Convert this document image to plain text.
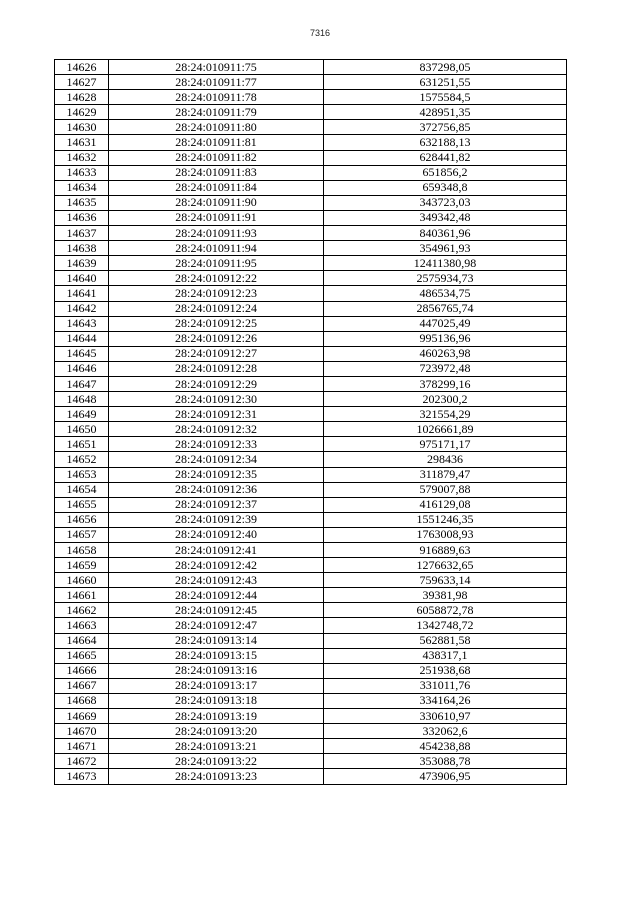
7316
14626	28:24:010911:75	837298,05
14627	28:24:010911:77	631251,55
14628	28:24:010911:78	1575584,5
14629	28:24:010911:79	428951,35
14630	28:24:010911:80	372756,85
14631	28:24:010911:81	632188,13
14632	28:24:010911:82	628441,82
14633	28:24:010911:83	651856,2
14634	28:24:010911:84	659348,8
14635	28:24:010911:90	343723,03
14636	28:24:010911:91	349342,48
14637	28:24:010911:93	840361,96
14638	28:24:010911:94	354961,93
14639	28:24:010911:95	12411380,98
14640	28:24:010912:22	2575934,73
14641	28:24:010912:23	486534,75
14642	28:24:010912:24	2856765,74
14643	28:24:010912:25	447025,49
14644	28:24:010912:26	995136,96
14645	28:24:010912:27	460263,98
14646	28:24:010912:28	723972,48
14647	28:24:010912:29	378299,16
14648	28:24:010912:30	202300,2
14649	28:24:010912:31	321554,29
14650	28:24:010912:32	1026661,89
14651	28:24:010912:33	975171,17
14652	28:24:010912:34	298436
14653	28:24:010912:35	311879,47
14654	28:24:010912:36	579007,88
14655	28:24:010912:37	416129,08
14656	28:24:010912:39	1551246,35
14657	28:24:010912:40	1763008,93
14658	28:24:010912:41	916889,63
14659	28:24:010912:42	1276632,65
14660	28:24:010912:43	759633,14
14661	28:24:010912:44	39381,98
14662	28:24:010912:45	6058872,78
14663	28:24:010912:47	1342748,72
14664	28:24:010913:14	562881,58
14665	28:24:010913:15	438317,1
14666	28:24:010913:16	251938,68
14667	28:24:010913:17	331011,76
14668	28:24:010913:18	334164,26
14669	28:24:010913:19	330610,97
14670	28:24:010913:20	332062,6
14671	28:24:010913:21	454238,88
14672	28:24:010913:22	353088,78
14673	28:24:010913:23	473906,95
